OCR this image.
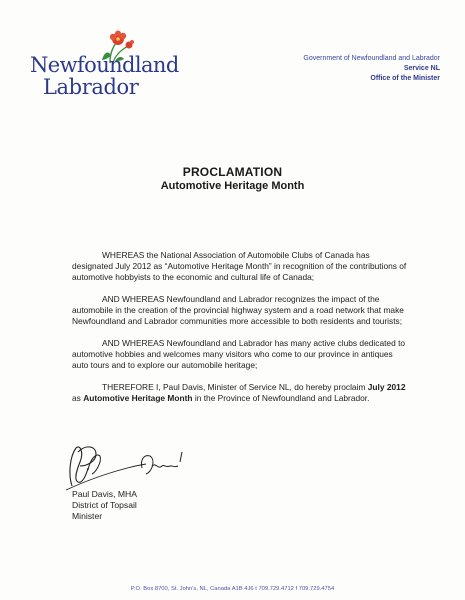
Newfoundland
Labrador
Government of Newfoundland and Labrador
Service NL
Office of the Minister
PROCLAMATION
Automotive Heritage Month

WHEREAS the National Association of Automobile Clubs of Canada has designated July 2012 as “Automotive Heritage Month” in recognition of the contributions of automotive hobbyists to the economic and cultural life of Canada;

AND WHEREAS Newfoundland and Labrador recognizes the impact of the automobile in the creation of the provincial highway system and a road network that make Newfoundland and Labrador communities more accessible to both residents and tourists;

AND WHEREAS Newfoundland and Labrador has many active clubs dedicated to automotive hobbies and welcomes many visitors who come to our province in antiques auto tours and to explore our automobile heritage;

THEREFORE I, Paul Davis, Minister of Service NL, do hereby proclaim July 2012 as Automotive Heritage Month in the Province of Newfoundland and Labrador.

Paul Davis, MHA
District of Topsail
Minister
P.O. Box 8700, St. John's, NL, Canada A1B 4J6 t 709.729.4712 f 709.729.4754
